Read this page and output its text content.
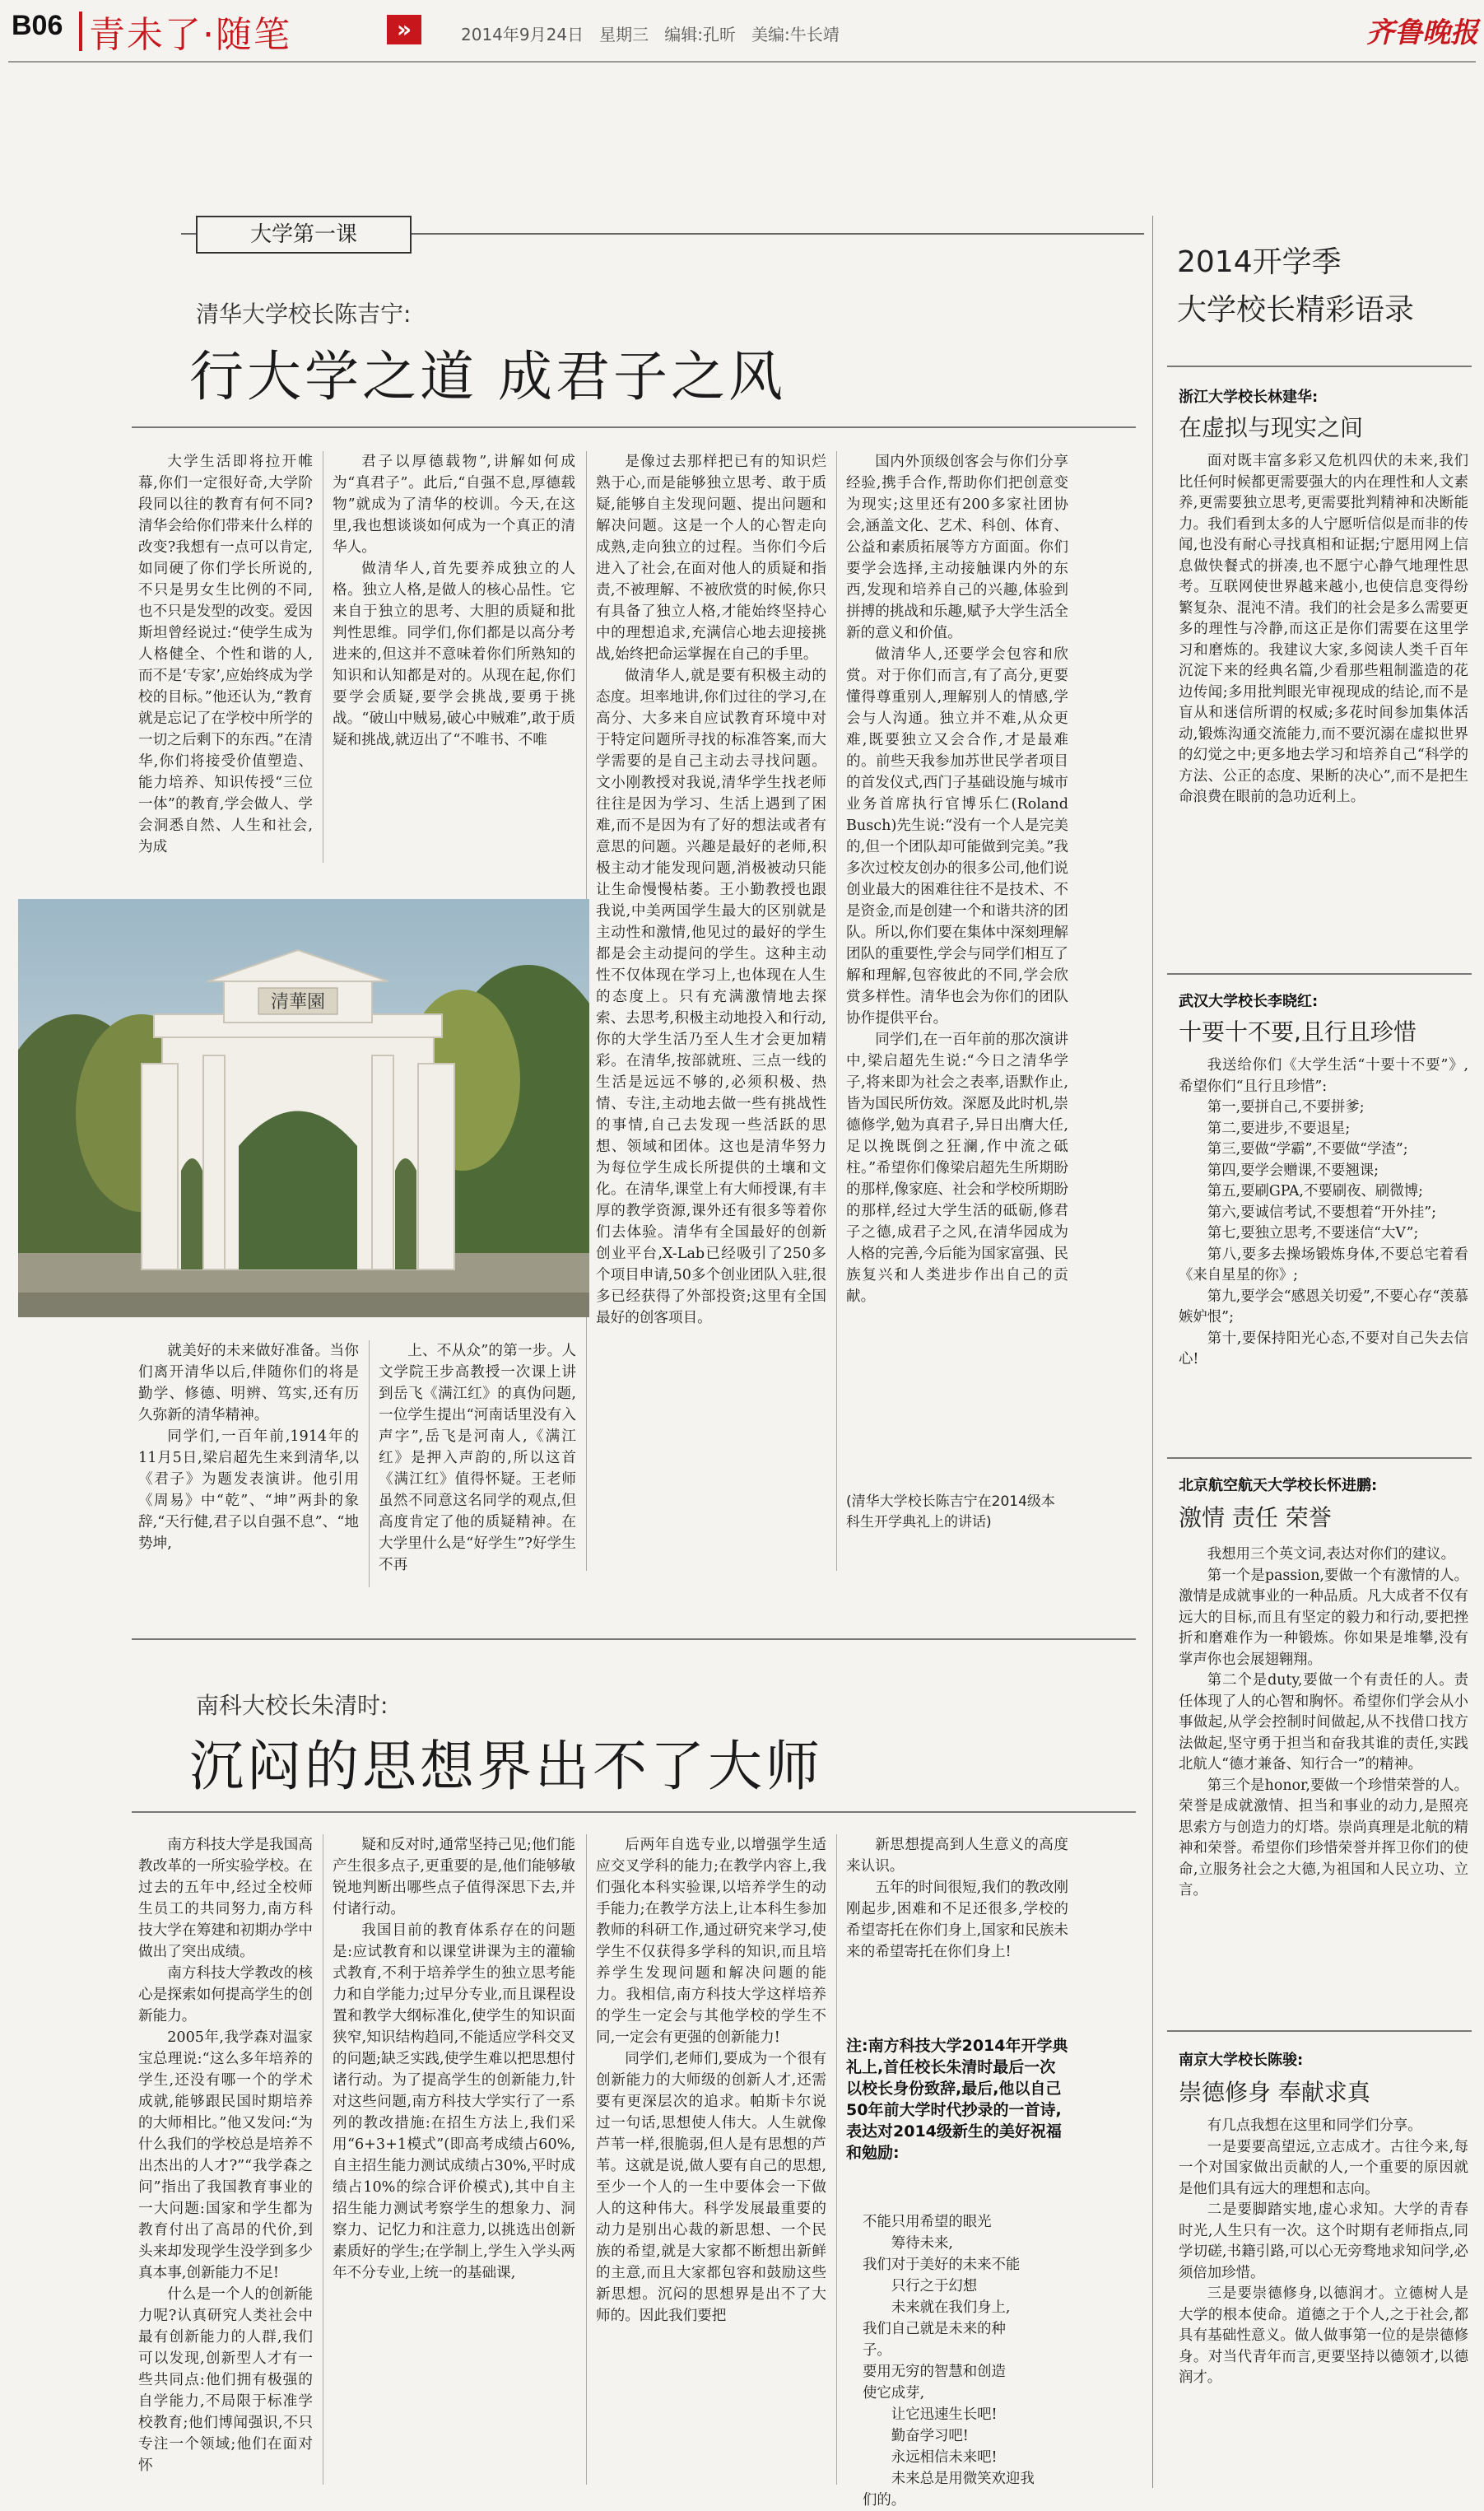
B06 青未了·随笔	»	2014年9月24日   星期三   编辑:孔昕   美编:牛长靖	齐鲁晚报
大学第一课
清华大学校长陈吉宁:
行大学之道 成君子之风

大学生活即将拉开帷幕,你们一定很好奇,大学阶段同以往的教育有何不同?清华会给你们带来什么样的改变?我想有一点可以肯定,如同硬了你们学长所说的,不只是男女生比例的不同,也不只是发型的改变。爱因斯坦曾经说过:“使学生成为人格健全、个性和谐的人,而不是‘专家’,应始终成为学校的目标。”他还认为,“教育就是忘记了在学校中所学的一切之后剩下的东西。”在清华,你们将接受价值塑造、能力培养、知识传授“三位一体”的教育,学会做人、学会洞悉自然、人生和社会,为成

君子以厚德载物”,讲解如何成为“真君子”。此后,“自强不息,厚德载物”就成为了清华的校训。今天,在这里,我也想谈谈如何成为一个真正的清华人。

做清华人,首先要养成独立的人格。独立人格,是做人的核心品性。它来自于独立的思考、大胆的质疑和批判性思维。同学们,你们都是以高分考进来的,但这并不意味着你们所熟知的知识和认知都是对的。从现在起,你们要学会质疑,要学会挑战,要勇于挑战。“破山中贼易,破心中贼难”,敢于质疑和挑战,就迈出了“不唯书、不唯

是像过去那样把已有的知识烂熟于心,而是能够独立思考、敢于质疑,能够自主发现问题、提出问题和解决问题。这是一个人的心智走向成熟,走向独立的过程。当你们今后进入了社会,在面对他人的质疑和指责,不被理解、不被欣赏的时候,你只有具备了独立人格,才能始终坚持心中的理想追求,充满信心地去迎接挑战,始终把命运掌握在自己的手里。

做清华人,就是要有积极主动的态度。坦率地讲,你们过往的学习,在高分、大多来自应试教育环境中对于特定问题所寻找的标准答案,而大学需要的是自己主动去寻找问题。文小刚教授对我说,清华学生找老师往往是因为学习、生活上遇到了困难,而不是因为有了好的想法或者有意思的问题。兴趣是最好的老师,积极主动才能发现问题,消极被动只能让生命慢慢枯萎。王小勤教授也跟我说,中美两国学生最大的区别就是主动性和激情,他见过的最好的学生都是会主动提问的学生。这种主动性不仅体现在学习上,也体现在人生的态度上。只有充满激情地去探索、去思考,积极主动地投入和行动,你的大学生活乃至人生才会更加精彩。在清华,按部就班、三点一线的生活是远远不够的,必须积极、热情、专注,主动地去做一些有挑战性的事情,自己去发现一些活跃的思想、领域和团体。这也是清华努力为每位学生成长所提供的土壤和文化。在清华,课堂上有大师授课,有丰厚的教学资源,课外还有很多等着你们去体验。清华有全国最好的创新创业平台,X-Lab已经吸引了250多个项目申请,50多个创业团队入驻,很多已经获得了外部投资;这里有全国最好的创客项目。

国内外顶级创客会与你们分享经验,携手合作,帮助你们把创意变为现实;这里还有200多家社团协会,涵盖文化、艺术、科创、体育、公益和素质拓展等方方面面。你们要学会选择,主动接触课内外的东西,发现和培养自己的兴趣,体验到拼搏的挑战和乐趣,赋予大学生活全新的意义和价值。

做清华人,还要学会包容和欣赏。对于你们而言,有了高分,更要懂得尊重别人,理解别人的情感,学会与人沟通。独立并不难,从众更难,既要独立又会合作,才是最难的。前些天我参加苏世民学者项目的首发仪式,西门子基础设施与城市业务首席执行官博乐仁(Roland Busch)先生说:“没有一个人是完美的,但一个团队却可能做到完美。”我多次过校友创办的很多公司,他们说创业最大的困难往往不是技术、不是资金,而是创建一个和谐共济的团队。所以,你们要在集体中深刻理解团队的重要性,学会与同学们相互了解和理解,包容彼此的不同,学会欣赏多样性。清华也会为你们的团队协作提供平台。

同学们,在一百年前的那次演讲中,梁启超先生说:“今日之清华学子,将来即为社会之表率,语默作止,皆为国民所仿效。深愿及此时机,崇德修学,勉为真君子,异日出膺大任,足以挽既倒之狂澜,作中流之砥柱。”希望你们像梁启超先生所期盼的那样,像家庭、社会和学校所期盼的那样,经过大学生活的砥砺,修君子之德,成君子之风,在清华园成为人格的完善,今后能为国家富强、民族复兴和人类进步作出自己的贡献。

(清华大学校长陈吉宁在2014级本科生开学典礼上的讲话)
清華園

就美好的未来做好准备。当你们离开清华以后,伴随你们的将是勤学、修德、明辨、笃实,还有历久弥新的清华精神。

同学们,一百年前,1914年的11月5日,梁启超先生来到清华,以《君子》为题发表演讲。他引用《周易》中“乾”、“坤”两卦的象辞,“天行健,君子以自强不息”、“地势坤,

上、不从众”的第一步。人文学院王步高教授一次课上讲到岳飞《满江红》的真伪问题,一位学生提出“河南话里没有入声字”,岳飞是河南人,《满江红》是押入声韵的,所以这首《满江红》值得怀疑。王老师虽然不同意这名同学的观点,但高度肯定了他的质疑精神。在大学里什么是“好学生”?好学生不再

南科大校长朱清时:
沉闷的思想界出不了大师

南方科技大学是我国高教改革的一所实验学校。在过去的五年中,经过全校师生员工的共同努力,南方科技大学在筹建和初期办学中做出了突出成绩。

南方科技大学教改的核心是探索如何提高学生的创新能力。

2005年,我学森对温家宝总理说:“这么多年培养的学生,还没有哪一个的学术成就,能够跟民国时期培养的大师相比。”他又发问:“为什么我们的学校总是培养不出杰出的人才?”“我学森之问”指出了我国教育事业的一大问题:国家和学生都为教育付出了高昂的代价,到头来却发现学生没学到多少真本事,创新能力不足!

什么是一个人的创新能力呢?认真研究人类社会中最有创新能力的人群,我们可以发现,创新型人才有一些共同点:他们拥有极强的自学能力,不局限于标准学校教育;他们博闻强识,不只专注一个领域;他们在面对怀

疑和反对时,通常坚持己见;他们能产生很多点子,更重要的是,他们能够敏锐地判断出哪些点子值得深思下去,并付诸行动。

我国目前的教育体系存在的问题是:应试教育和以课堂讲课为主的灌输式教育,不利于培养学生的独立思考能力和自学能力;过早分专业,而且课程设置和教学大纲标准化,使学生的知识面狭窄,知识结构趋同,不能适应学科交叉的问题;缺乏实践,使学生难以把思想付诸行动。为了提高学生的创新能力,针对这些问题,南方科技大学实行了一系列的教改措施:在招生方法上,我们采用“6+3+1模式”(即高考成绩占60%,自主招生能力测试成绩占30%,平时成绩占10%的综合评价模式),其中自主招生能力测试考察学生的想象力、洞察力、记忆力和注意力,以挑选出创新素质好的学生;在学制上,学生入学头两年不分专业,上统一的基础课,

后两年自选专业,以增强学生适应交叉学科的能力;在教学内容上,我们强化本科实验课,以培养学生的动手能力;在教学方法上,让本科生参加教师的科研工作,通过研究来学习,使学生不仅获得多学科的知识,而且培养学生发现问题和解决问题的能力。我相信,南方科技大学这样培养的学生一定会与其他学校的学生不同,一定会有更强的创新能力!

同学们,老师们,要成为一个很有创新能力的大师级的创新人才,还需要有更深层次的追求。帕斯卡尔说过一句话,思想使人伟大。人生就像芦苇一样,很脆弱,但人是有思想的芦苇。这就是说,做人要有自己的思想,至少一个人的一生中要体会一下做人的这种伟大。科学发展最重要的动力是别出心裁的新思想、一个民族的希望,就是大家都不断想出新鲜的主意,而且大家都包容和鼓励这些新思想。沉闷的思想界是出不了大师的。因此我们要把

新思想提高到人生意义的高度来认识。

五年的时间很短,我们的教改刚刚起步,困难和不足还很多,学校的希望寄托在你们身上,国家和民族未来的希望寄托在你们身上!

注:南方科技大学2014年开学典礼上,首任校长朱清时最后一次以校长身份致辞,最后,他以自己50年前大学时代抄录的一首诗,表达对2014级新生的美好祝福和勉励:
不能只用希望的眼光
筹待未来,
我们对于美好的未来不能
只行之于幻想
未来就在我们身上,
我们自己就是未来的种
子。
要用无穷的智慧和创造
使它成芽,
让它迅速生长吧!
勤奋学习吧!
永远相信未来吧!
未来总是用微笑欢迎我
们的。
2014开学季
大学校长精彩语录
浙江大学校长林建华:
在虚拟与现实之间

面对既丰富多彩又危机四伏的未来,我们比任何时候都更需要强大的内在理性和人文素养,更需要独立思考,更需要批判精神和决断能力。我们看到太多的人宁愿听信似是而非的传闻,也没有耐心寻找真相和证据;宁愿用网上信息做快餐式的拼凑,也不愿宁心静气地理性思考。互联网使世界越来越小,也使信息变得纷繁复杂、混沌不清。我们的社会是多么需要更多的理性与冷静,而这正是你们需要在这里学习和磨炼的。我建议大家,多阅读人类千百年沉淀下来的经典名篇,少看那些粗制滥造的花边传闻;多用批判眼光审视现成的结论,而不是盲从和迷信所谓的权威;多花时间参加集体活动,锻炼沟通交流能力,而不要沉溺在虚拟世界的幻觉之中;更多地去学习和培养自己“科学的方法、公正的态度、果断的决心”,而不是把生命浪费在眼前的急功近利上。

武汉大学校长李晓红:
十要十不要,且行且珍惜

我送给你们《大学生活“十要十不要”》,希望你们“且行且珍惜”:

第一,要拼自己,不要拼爹;

第二,要进步,不要退星;

第三,要做“学霸”,不要做“学渣”;

第四,要学会赠课,不要翘课;

第五,要刷GPA,不要刷夜、刷微博;

第六,要诚信考试,不要想着“开外挂”;

第七,要独立思考,不要迷信“大V”;

第八,要多去操场锻炼身体,不要总宅着看《来自星星的你》;

第九,要学会“感恩关切爱”,不要心存“羡慕嫉妒恨”;

第十,要保持阳光心态,不要对自己失去信心!

北京航空航天大学校长怀进鹏:
激情 责任 荣誉

我想用三个英文词,表达对你们的建议。

第一个是passion,要做一个有激情的人。激情是成就事业的一种品质。凡大成者不仅有远大的目标,而且有坚定的毅力和行动,要把挫折和磨难作为一种锻炼。你如果是堆攀,没有掌声你也会展翅翱翔。

第二个是duty,要做一个有责任的人。责任体现了人的心智和胸怀。希望你们学会从小事做起,从学会控制时间做起,从不找借口找方法做起,坚守勇于担当和奋我其谁的责任,实践北航人“德才兼备、知行合一”的精神。

第三个是honor,要做一个珍惜荣誉的人。荣誉是成就激情、担当和事业的动力,是照亮思索方与创造力的灯塔。崇尚真理是北航的精神和荣誉。希望你们珍惜荣誉并挥卫你们的使命,立服务社会之大德,为祖国和人民立功、立言。

南京大学校长陈骏:
崇德修身 奉献求真

有几点我想在这里和同学们分享。

一是要要高望远,立志成才。古往今来,每一个对国家做出贡献的人,一个重要的原因就是他们具有远大的理想和志向。

二是要脚踏实地,虚心求知。大学的青春时光,人生只有一次。这个时期有老师指点,同学切磋,书籍引路,可以心无旁骛地求知问学,必须倍加珍惜。

三是要崇德修身,以德润才。立德树人是大学的根本使命。道德之于个人,之于社会,都具有基础性意义。做人做事第一位的是崇德修身。对当代青年而言,更要坚持以德领才,以德润才。
